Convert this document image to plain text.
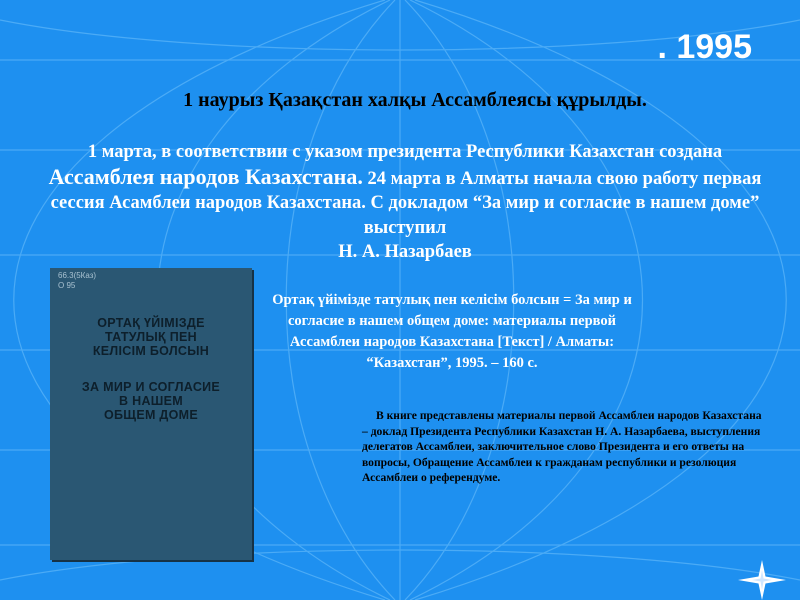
. 1995
1 наурыз Қазақстан халқы Ассамблеясы құрылды.
1 марта, в соответствии с указом президента Республики Казахстан создана Ассамблея народов Казахстана. 24 марта в Алматы начала свою работу первая сессия Асамблеи народов Казахстана. С докладом “За мир и согласие в нашем доме” выступил
Н. А. Назарбаев
66.3(5Каз)
О 95
ОРТАҚ ҮЙІМІЗДЕ
ТАТУЛЫҚ ПЕН
КЕЛІСІМ БОЛСЫН
ЗА МИР И СОГЛАСИЕ
В НАШЕМ
ОБЩЕМ ДОМЕ
Ортақ үйімізде татулық пен келісім болсын = За мир и согласие в нашем общем доме: материалы первой Ассамблеи народов Казахстана [Текст] / Алматы: “Казахстан”, 1995. – 160 с.
В книге представлены материалы первой Ассамблеи народов Казахстана – доклад Президента Республики Казахстан Н. А. Назарбаева, выступления делегатов Ассамблеи, заключительное слово Президента и его ответы на вопросы, Обращение Ассамблеи к гражданам республики и резолюция Ассамблеи о референдуме.
